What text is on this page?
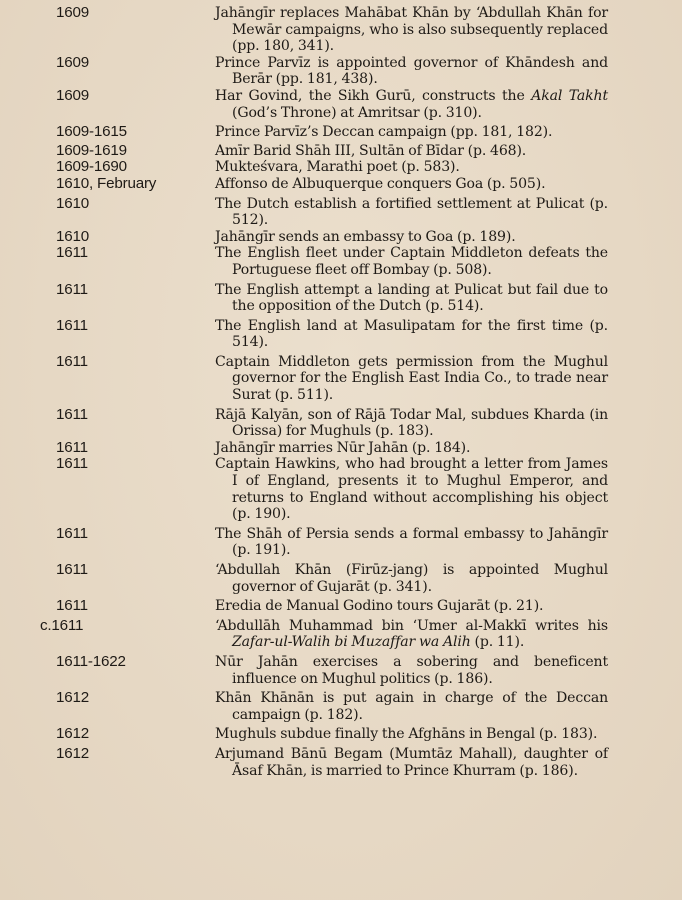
1609	Jahāngīr replaces Mahābat Khān by ‘Abdullah Khān for Mewār campaigns, who is also subsequently replaced (pp. 180, 341).
1609	Prince Parvīz is appointed governor of Khāndesh and Berār (pp. 181, 438).
1609	Har Govind, the Sikh Gurū, constructs the Akal Takht (God’s Throne) at Amritsar (p. 310).
1609-1615	Prince Parvīz’s Deccan campaign (pp. 181, 182).
1609-1619	Amīr Barid Shāh III, Sultān of Bīdar (p. 468).
1609-1690	Mukteśvara, Marathi poet (p. 583).
1610, February	Affonso de Albuquerque conquers Goa (p. 505).
1610	The Dutch establish a fortified settlement at Pulicat (p. 512).
1610	Jahāngīr sends an embassy to Goa (p. 189).
1611	The English fleet under Captain Middleton defeats the Portuguese fleet off Bombay (p. 508).
1611	The English attempt a landing at Pulicat but fail due to the opposition of the Dutch (p. 514).
1611	The English land at Masulipatam for the first time (p. 514).
1611	Captain Middleton gets permission from the Mughul governor for the English East India Co., to trade near Surat (p. 511).
1611	Rājā Kalyān, son of Rājā Todar Mal, subdues Kharda (in Orissa) for Mughuls (p. 183).
1611	Jahāngīr marries Nūr Jahān (p. 184).
1611	Captain Hawkins, who had brought a letter from James I of England, presents it to Mughul Emperor, and returns to England without accomplishing his object (p. 190).
1611	The Shāh of Persia sends a formal embassy to Jahāngīr (p. 191).
1611	‘Abdullah Khān (Firūz-jang) is appointed Mughul governor of Gujarāt (p. 341).
1611	Eredia de Manual Godino tours Gujarāt (p. 21).
c.1611	‘Abdullāh Muhammad bin ‘Umer al-Makkī writes his Zafar-ul-Walih bi Muzaffar wa Alih (p. 11).
1611-1622	Nūr Jahān exercises a sobering and beneficent influence on Mughul politics (p. 186).
1612	Khān Khānān is put again in charge of the Deccan campaign (p. 182).
1612	Mughuls subdue finally the Afghāns in Bengal (p. 183).
1612	Arjumand Bānū Begam (Mumtāz Mahall), daughter of Āsaf Khān, is married to Prince Khurram (p. 186).
